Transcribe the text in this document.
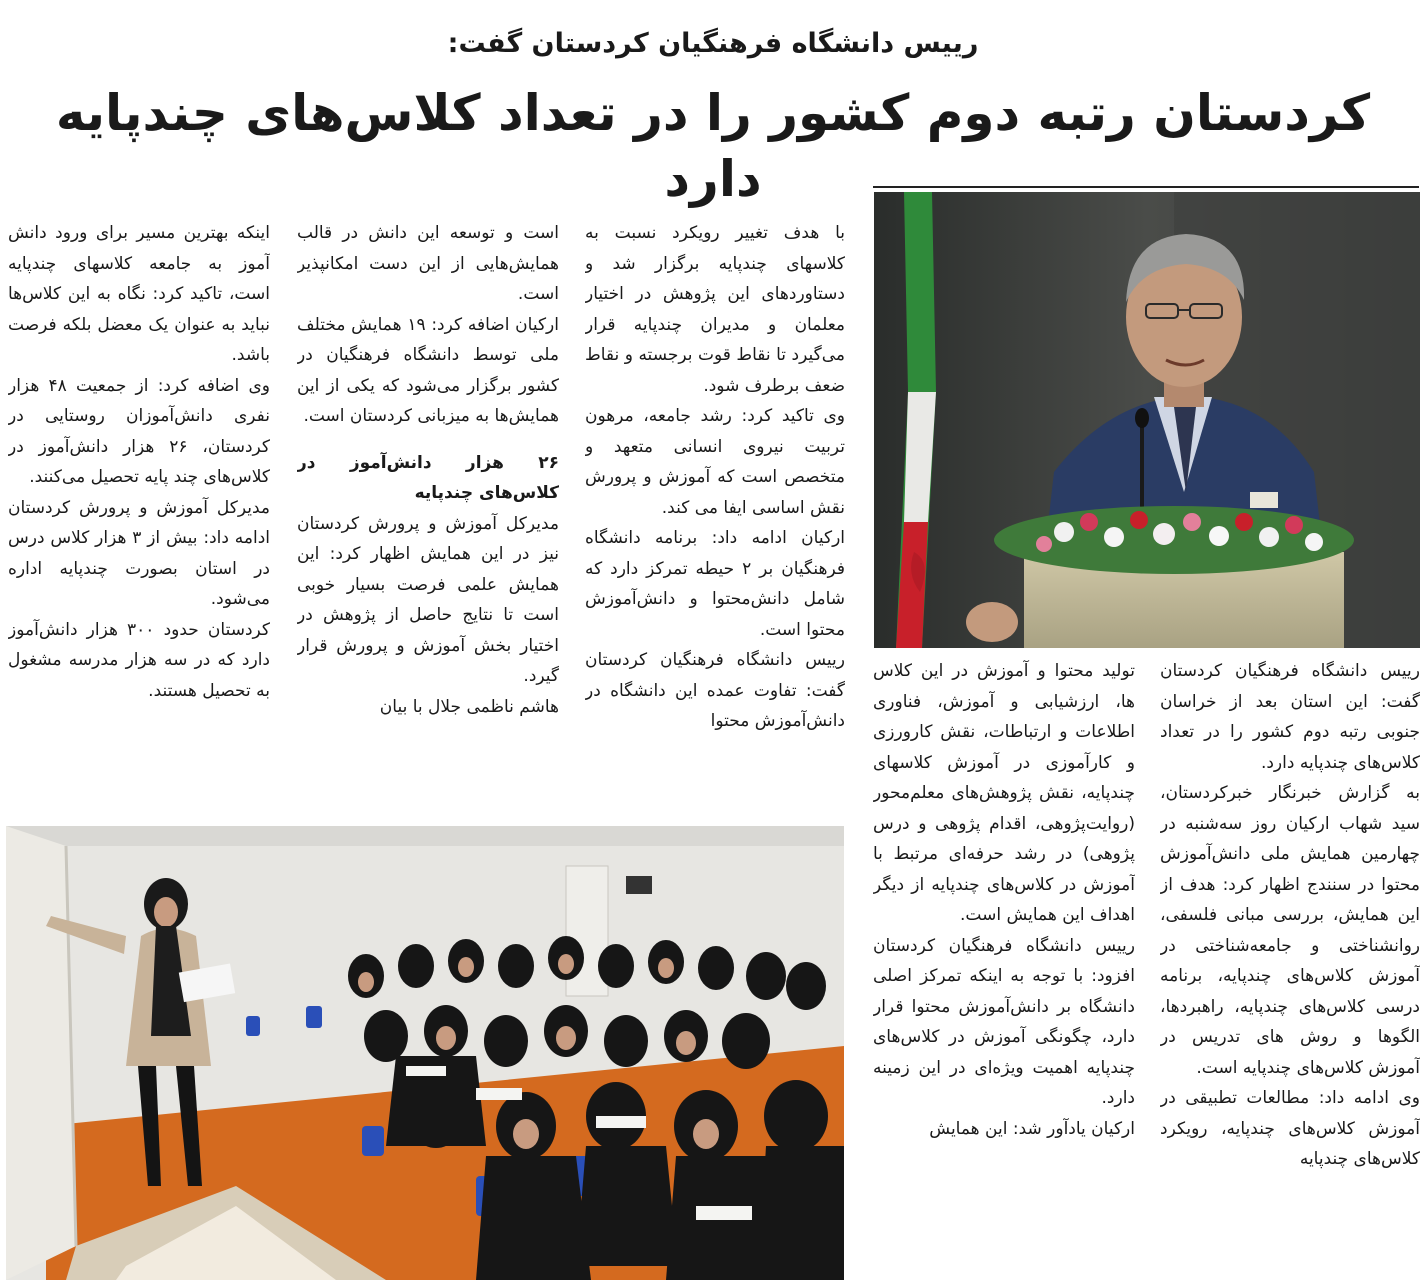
رییس دانشگاه فرهنگیان کردستان گفت:
کردستان رتبه دوم کشور را در تعداد کلاس‌های چندپایه دارد

رییس دانشگاه فرهنگیان کردستان گفت: این استان بعد از خراسان جنوبی رتبه دوم کشور را در تعداد کلاس‌های چندپایه دارد.

به گزارش خبرنگار خبرکردستان، سید شهاب ارکیان روز سه‌شنبه در چهارمین همایش ملی دانش‌آموزش محتوا در سنندج اظهار کرد: هدف از این همایش، بررسی مبانی فلسفی، روانشناختی و جامعه‌شناختی در آموزش کلاس‌های چندپایه، برنامه درسی کلاس‌های چندپایه، راهبردها، الگوها و روش های تدریس در آموزش کلاس‌های چندپایه است.

وی ادامه داد: مطالعات تطبیقی در آموزش کلاس‌های چندپایه، رویکرد کلاس‌های چندپایه

تولید محتوا و آموزش در این کلاس ها، ارزشیابی و آموزش، فناوری اطلاعات و ارتباطات، نقش کارورزی و کارآموزی در آموزش کلاسهای چندپایه، نقش پژوهش‌های معلم‌محور (روایت‌پژوهی، اقدام پژوهی و درس پژوهی) در رشد حرفه‌ای مرتبط با آموزش در کلاس‌های چندپایه از دیگر اهداف این همایش است.

رییس دانشگاه فرهنگیان کردستان افزود: با توجه به اینکه تمرکز اصلی دانشگاه بر دانش‌آموزش محتوا قرار دارد، چگونگی آموزش در کلاس‌های چندپایه اهمیت ویژه‌ای در این زمینه دارد.

ارکیان یادآور شد: این همایش

با هدف تغییر رویکرد نسبت به کلاسهای چندپایه برگزار شد و دستاوردهای این پژوهش در اختیار معلمان و مدیران چندپایه قرار می‌گیرد تا نقاط قوت برجسته و نقاط ضعف برطرف شود.

وی تاکید کرد: رشد جامعه، مرهون تربیت نیروی انسانی متعهد و متخصص است که آموزش و پرورش نقش اساسی ایفا می کند.

ارکیان ادامه داد: برنامه دانشگاه فرهنگیان بر ۲ حیطه تمرکز دارد که شامل دانش‌محتوا و دانش‌آموزش محتوا است.

رییس دانشگاه فرهنگیان کردستان گفت: تفاوت عمده این دانشگاه در دانش‌آموزش محتوا

است و توسعه این دانش در قالب همایش‌هایی از این دست امکانپذیر است.

ارکیان اضافه کرد: ۱۹ همایش مختلف ملی توسط دانشگاه فرهنگیان در کشور برگزار می‌شود که یکی از این همایش‌ها به میزبانی کردستان است.

۲۶ هزار دانش‌آموز در کلاس‌های چندپایه

مدیرکل آموزش و پرورش کردستان نیز در این همایش اظهار کرد: این همایش علمی فرصت بسیار خوبی است تا نتایج حاصل از پژوهش در اختیار بخش آموزش و پرورش قرار گیرد.

هاشم ناظمی جلال با بیان

اینکه بهترین مسیر برای ورود دانش آموز به جامعه کلاسهای چندپایه است، تاکید کرد: نگاه به این کلاس‌ها نباید به عنوان یک معضل بلکه فرصت باشد.

وی اضافه کرد: از جمعیت ۴۸ هزار نفری دانش‌آموزان روستایی در کردستان، ۲۶ هزار دانش‌آموز در کلاس‌های چند پایه تحصیل می‌کنند.

مدیرکل آموزش و پرورش کردستان ادامه داد: بیش از ۳ هزار کلاس درس در استان بصورت چندپایه اداره می‌شود.

کردستان حدود ۳۰۰ هزار دانش‌آموز دارد که در سه هزار مدرسه مشغول به تحصیل هستند.
